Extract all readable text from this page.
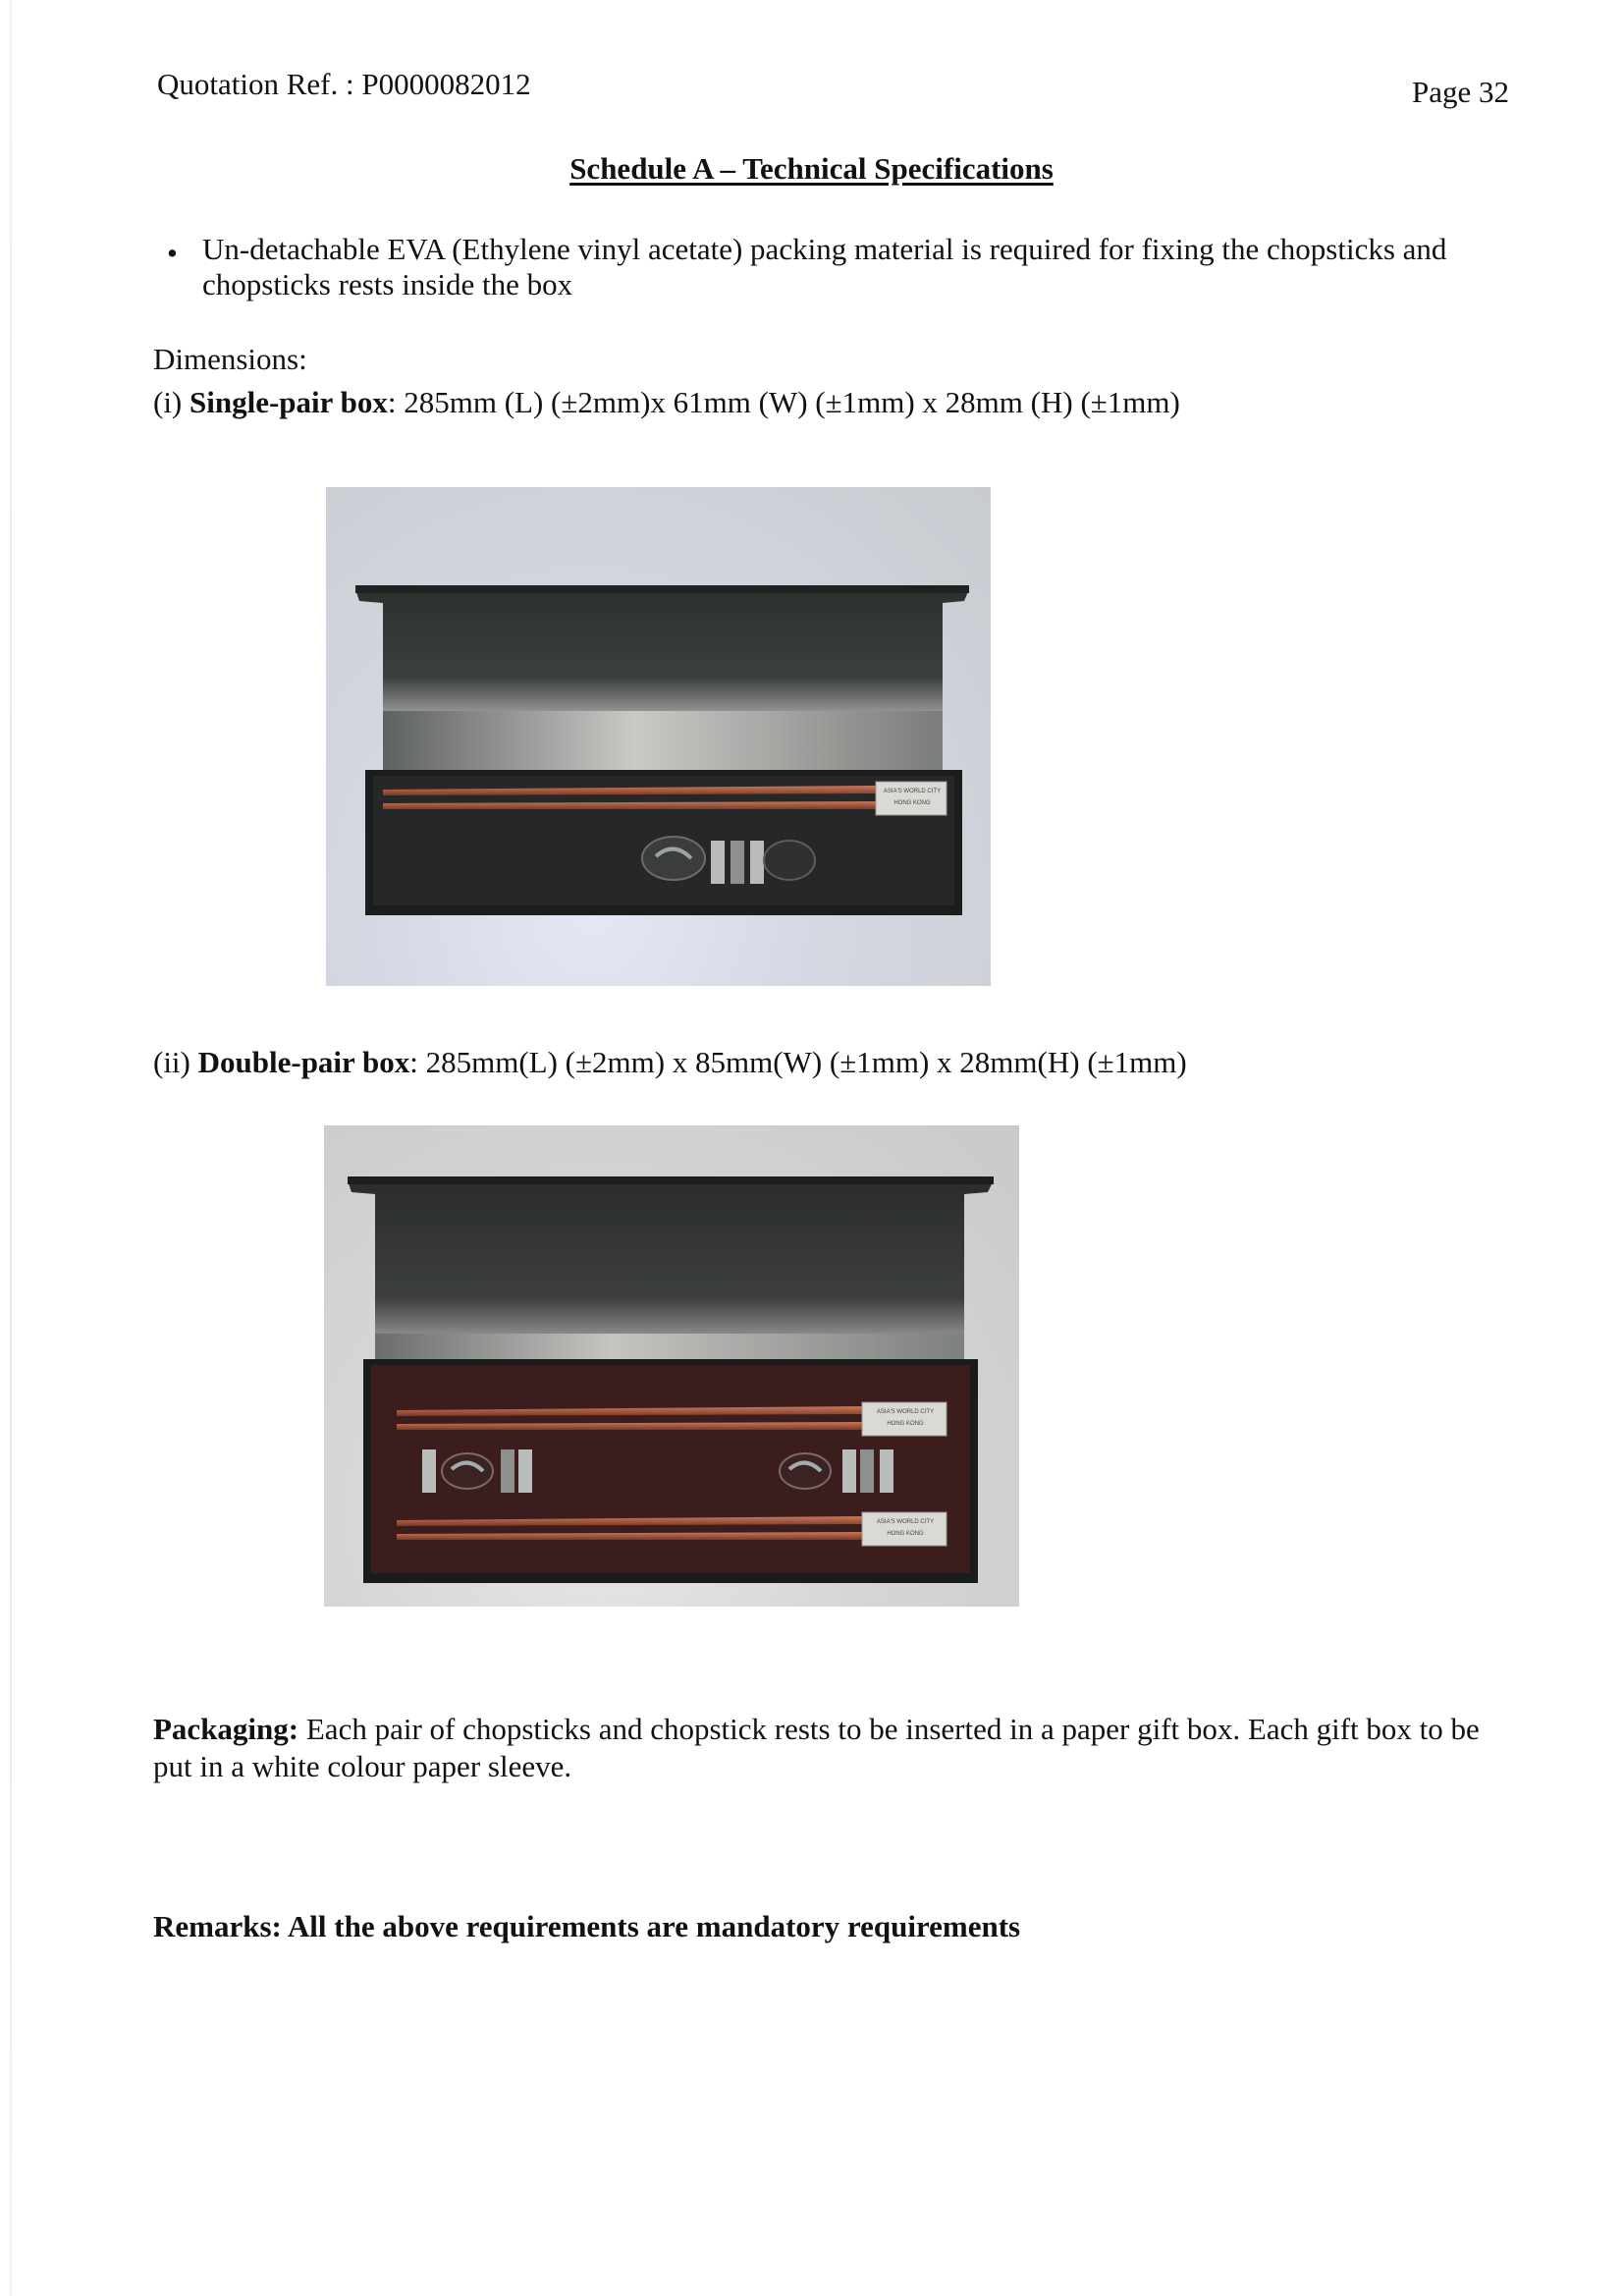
Quotation Ref. : P0000082012	Page 32
Schedule A – Technical Specifications
• Un-detachable EVA (Ethylene vinyl acetate) packing material is required for fixing the chopsticks and chopsticks rests inside the box
Dimensions:
(i) Single-pair box: 285mm (L) (±2mm)x 61mm (W) (±1mm) x 28mm (H) (±1mm)
ASIA'S WORLD CITY
HONG KONG
(ii) Double-pair box: 285mm(L) (±2mm) x 85mm(W) (±1mm) x 28mm(H) (±1mm)
ASIA'S WORLD CITY
HONG KONG
ASIA'S WORLD CITY
HONG KONG
Packaging: Each pair of chopsticks and chopstick rests to be inserted in a paper gift box. Each gift box to be put in a white colour paper sleeve.
Remarks: All the above requirements are mandatory requirements
